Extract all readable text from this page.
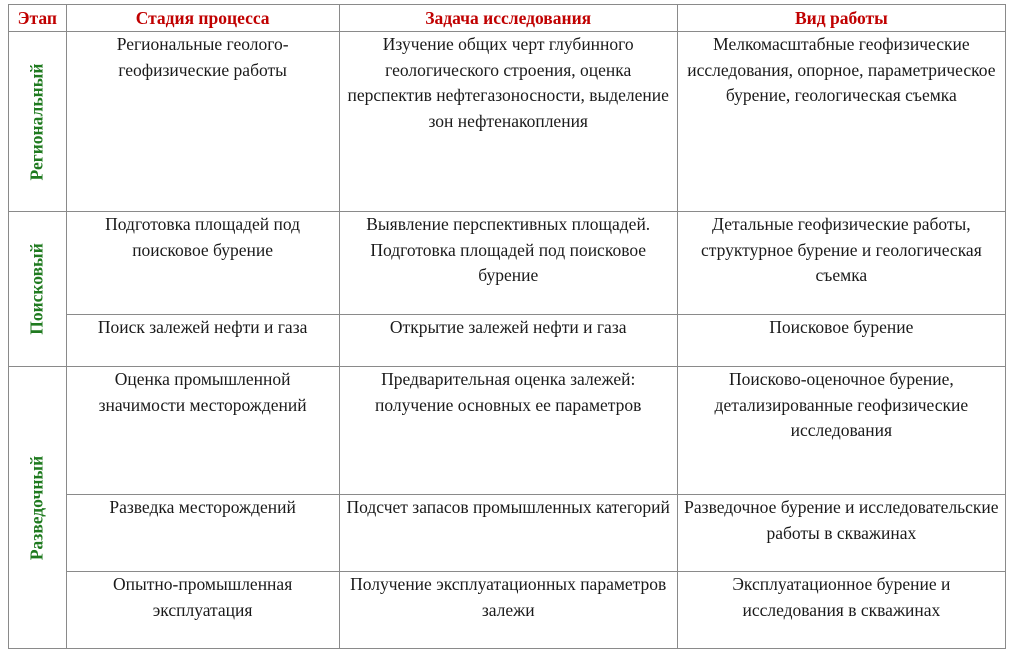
Этап	Стадия процесса	Задача исследования	Вид работы

Региональный	Региональные геолого-геофизические работы	Изучение общих черт глубинного геологического строения, оценка перспектив нефтегазоносности, выделение зон нефтенакопления	Мелкомасштабные геофизические исследования, опорное, параметрическое бурение, геологическая съемка

Поисковый	Подготовка площадей под поисковое бурение	Выявление перспективных площадей. Подготовка площадей под поисковое бурение	Детальные геофизические работы, структурное бурение и геологическая съемка
	Поиск залежей нефти и газа	Открытие залежей нефти и газа	Поисковое бурение

Разведочный	Оценка промышленной значимости месторождений	Предварительная оценка залежей: получение основных ее параметров	Поисково-оценочное бурение, детализированные геофизические исследования
	Разведка месторождений	Подсчет запасов промышленных категорий	Разведочное бурение и исследовательские работы в скважинах
	Опытно-промышленная эксплуатация	Получение эксплуатационных параметров залежи	Эксплуатационное бурение и исследования в скважинах
